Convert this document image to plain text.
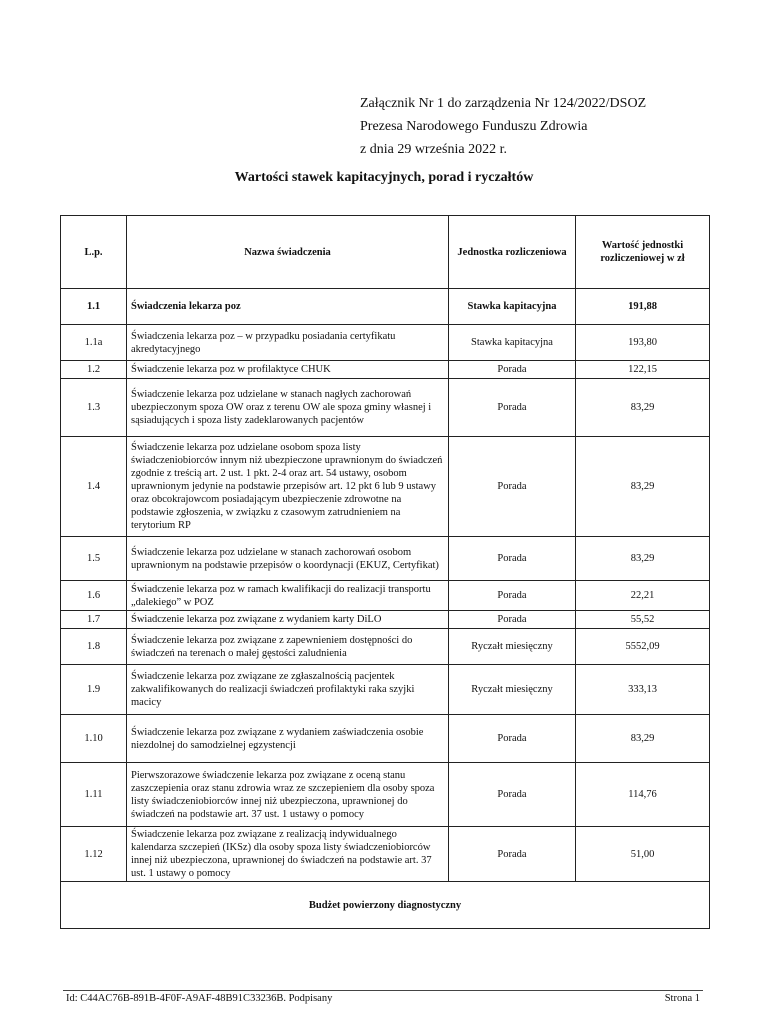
Załącznik Nr 1 do zarządzenia Nr 124/2022/DSOZ
Prezesa Narodowego Funduszu Zdrowia
z dnia 29 września 2022 r.
Wartości stawek kapitacyjnych, porad i ryczałtów
L.p.	Nazwa świadczenia	Jednostka rozliczeniowa	Wartość jednostki rozliczeniowej w zł
1.1	Świadczenia lekarza poz	Stawka kapitacyjna	191,88
1.1a	Świadczenia lekarza poz – w przypadku posiadania certyfikatu akredytacyjnego	Stawka kapitacyjna	193,80
1.2	Świadczenie lekarza poz w profilaktyce CHUK	Porada	122,15
1.3	Świadczenie lekarza poz udzielane w stanach nagłych zachorowań ubezpieczonym spoza OW oraz z terenu OW ale spoza gminy własnej i sąsiadujących i spoza listy zadeklarowanych pacjentów	Porada	83,29
1.4	Świadczenie lekarza poz udzielane osobom spoza listy świadczeniobiorców innym niż ubezpieczone uprawnionym do świadczeń zgodnie z treścią art. 2 ust. 1 pkt. 2-4 oraz art. 54 ustawy, osobom uprawnionym jedynie na podstawie przepisów art. 12 pkt 6 lub 9 ustawy oraz obcokrajowcom posiadającym ubezpieczenie zdrowotne na podstawie zgłoszenia, w związku z czasowym zatrudnieniem na terytorium RP	Porada	83,29
1.5	Świadczenie lekarza poz udzielane w stanach zachorowań osobom uprawnionym na podstawie przepisów o koordynacji (EKUZ, Certyfikat)	Porada	83,29
1.6	Świadczenie lekarza poz w ramach kwalifikacji do realizacji transportu „dalekiego” w POZ	Porada	22,21
1.7	Świadczenie lekarza poz związane z wydaniem karty DiLO	Porada	55,52
1.8	Świadczenie lekarza poz związane z zapewnieniem dostępności do świadczeń na terenach o małej gęstości zaludnienia	Ryczałt miesięczny	5552,09
1.9	Świadczenie lekarza poz związane ze zgłaszalnością pacjentek zakwalifikowanych do realizacji świadczeń profilaktyki raka szyjki macicy	Ryczałt miesięczny	333,13
1.10	Świadczenie lekarza poz związane z wydaniem zaświadczenia osobie niezdolnej do samodzielnej egzystencji	Porada	83,29
1.11	Pierwszorazowe świadczenie lekarza poz związane z oceną stanu zaszczepienia oraz stanu zdrowia wraz ze szczepieniem dla osoby spoza listy świadczeniobiorców innej niż ubezpieczona, uprawnionej do świadczeń na podstawie art. 37 ust. 1 ustawy o pomocy	Porada	114,76
1.12	Świadczenie lekarza poz związane z realizacją indywidualnego kalendarza szczepień (IKSz) dla osoby spoza listy świadczeniobiorców innej niż ubezpieczona, uprawnionej do świadczeń na podstawie art. 37 ust. 1 ustawy o pomocy	Porada	51,00
Budżet powierzony diagnostyczny			
Id: C44AC76B-891B-4F0F-A9AF-48B91C33236B. Podpisany	Strona 1
